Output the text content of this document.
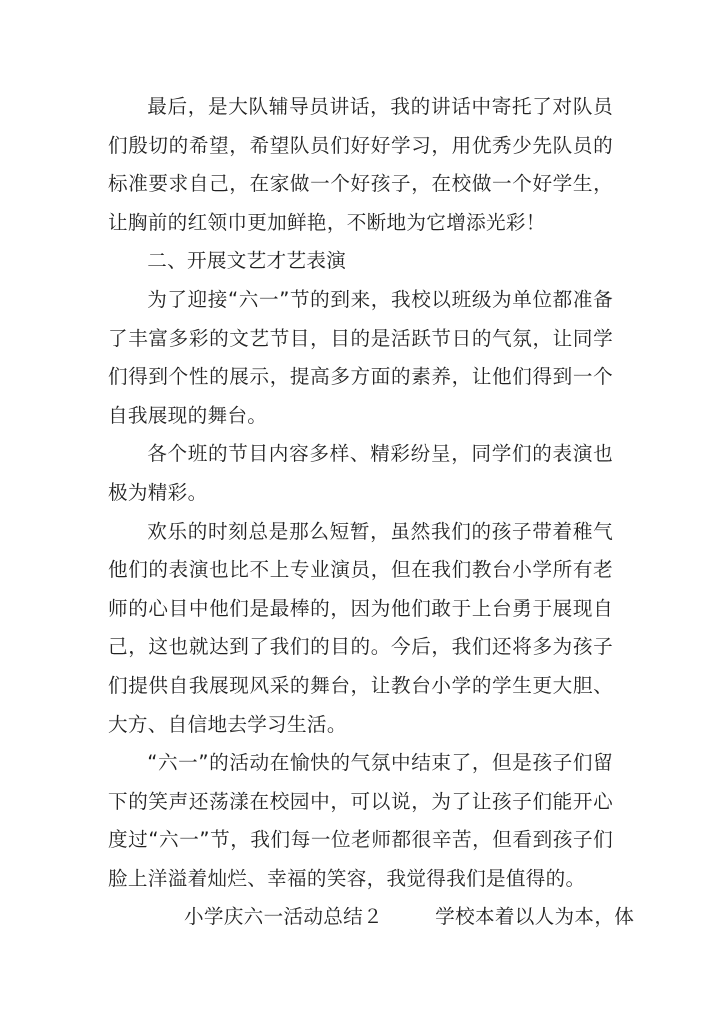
最后，是大队辅导员讲话，我的讲话中寄托了对队员们殷切的希望，希望队员们好好学习，用优秀少先队员的标准要求自己，在家做一个好孩子，在校做一个好学生，让胸前的红领巾更加鲜艳，不断地为它增添光彩！

二、开展文艺才艺表演

为了迎接“六一”节的到来，我校以班级为单位都准备了丰富多彩的文艺节目，目的是活跃节日的气氛，让同学们得到个性的展示，提高多方面的素养，让他们得到一个自我展现的舞台。

各个班的节目内容多样、精彩纷呈，同学们的表演也极为精彩。

欢乐的时刻总是那么短暂，虽然我们的孩子带着稚气他们的表演也比不上专业演员，但在我们教台小学所有老师的心目中他们是最棒的，因为他们敢于上台勇于展现自己，这也就达到了我们的目的。今后，我们还将多为孩子们提供自我展现风采的舞台，让教台小学的学生更大胆、大方、自信地去学习生活。

“六一”的活动在愉快的气氛中结束了，但是孩子们留下的笑声还荡漾在校园中，可以说，为了让孩子们能开心度过“六一”节，我们每一位老师都很辛苦，但看到孩子们脸上洋溢着灿烂、幸福的笑容，我觉得我们是值得的。

小学庆六一活动总结２	学校本着以人为本，体
